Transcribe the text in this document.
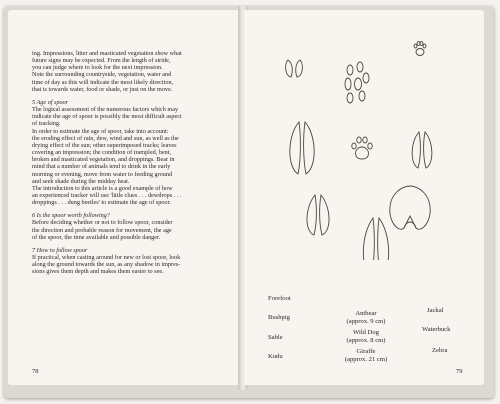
ing. Impressions, litter and masticated vegetation show what

future signs may be expected. From the length of stride,

you can judge where to look for the next impression.

Note the surrounding countryside, vegetation, water and

time of day as this will indicate the most likely direction,

that is towards water, food or shade, or just on the move.

5 Age of spoor

The logical assessment of the numerous factors which may

indicate the age of spoor is possibly the most difficult aspect

of tracking.

In order to estimate the age of spoor, take into account:

the eroding effect of rain, dew, wind and sun, as well as the

drying effect of the sun; other superimposed tracks; leaves

covering an impression; the condition of trampled, bent,

broken and masticated vegetation, and droppings. Bear in

mind that a number of animals tend to drink in the early

morning or evening, move from water to feeding ground

and seek shade during the midday heat.

The introduction to this article is a good example of how

an experienced tracker will use 'little clues . . . dewdrops . . .

droppings . . . dung beetles' to estimate the age of spoor.

6 Is the spoor worth following?

Before deciding whether or not to follow spoor, consider

the direction and probable reason for movement, the age

of the spoor, the time available and possible danger.

7 How to follow spoor

If practical, when casting around for new or lost spoor, look

along the ground towards the sun, as any shadow in impres-

sions gives them depth and makes them easier to see.

78
Forefoot
Bushpig
Sable
Kudu
Antbear
(approx. 9 cm)
Wild Dog
(approx. 8 cm)
Giraffe
(approx. 21 cm)
Jackal
Waterbuck
Zebra
79
